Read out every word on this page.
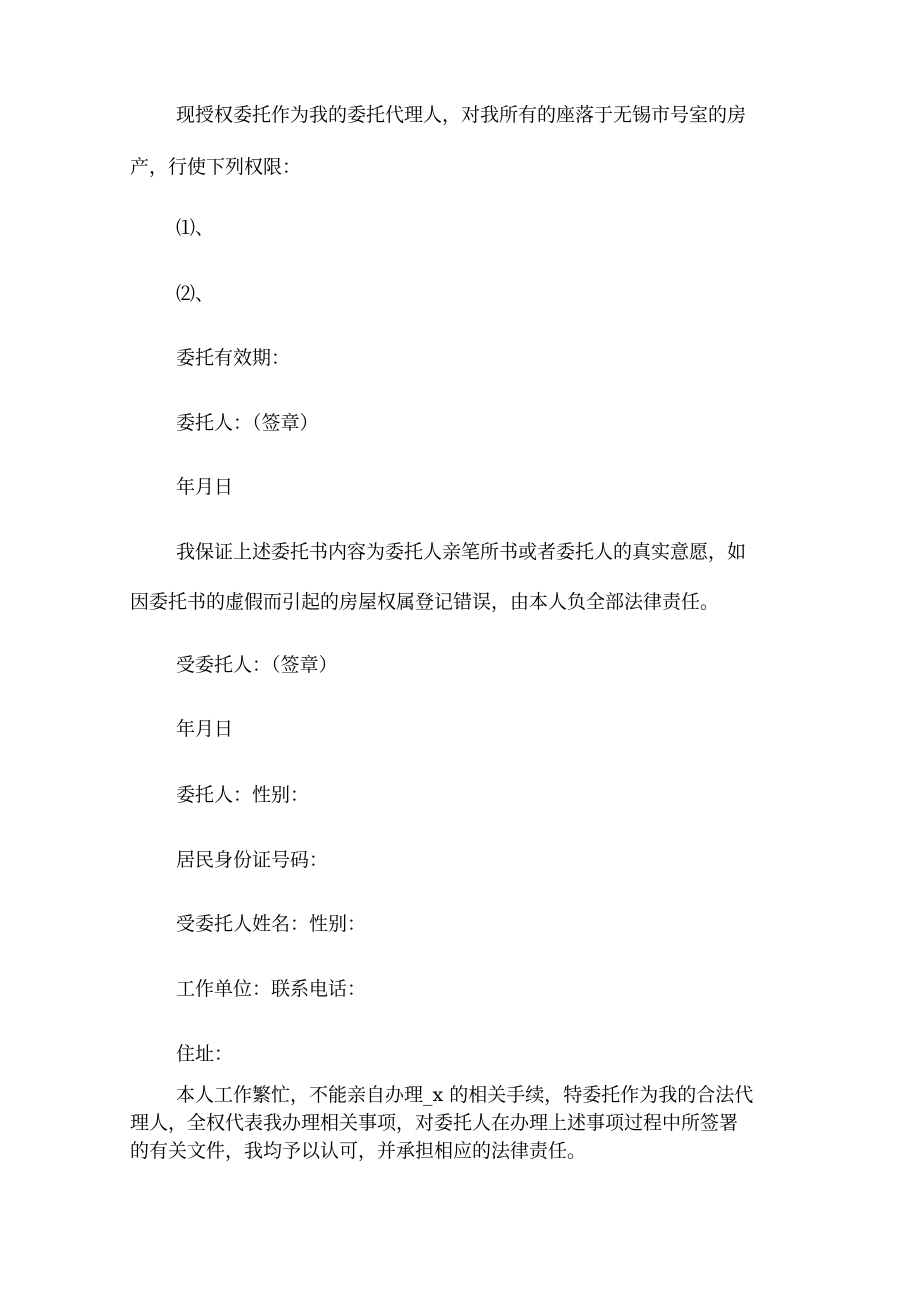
现授权委托作为我的委托代理人，对我所有的座落于无锡市号室的房
产，行使下列权限：
⑴、
⑵、
委托有效期：
委托人：（签章）
年月日
我保证上述委托书内容为委托人亲笔所书或者委托人的真实意愿，如
因委托书的虚假而引起的房屋权属登记错误，由本人负全部法律责任。
受委托人：（签章）
年月日
委托人：性别：
居民身份证号码：
受委托人姓名：性别：
工作单位：联系电话：
住址：
本人工作繁忙，不能亲自办理_x 的相关手续，特委托作为我的合法代
理人，全权代表我办理相关事项，对委托人在办理上述事项过程中所签署
的有关文件，我均予以认可，并承担相应的法律责任。
